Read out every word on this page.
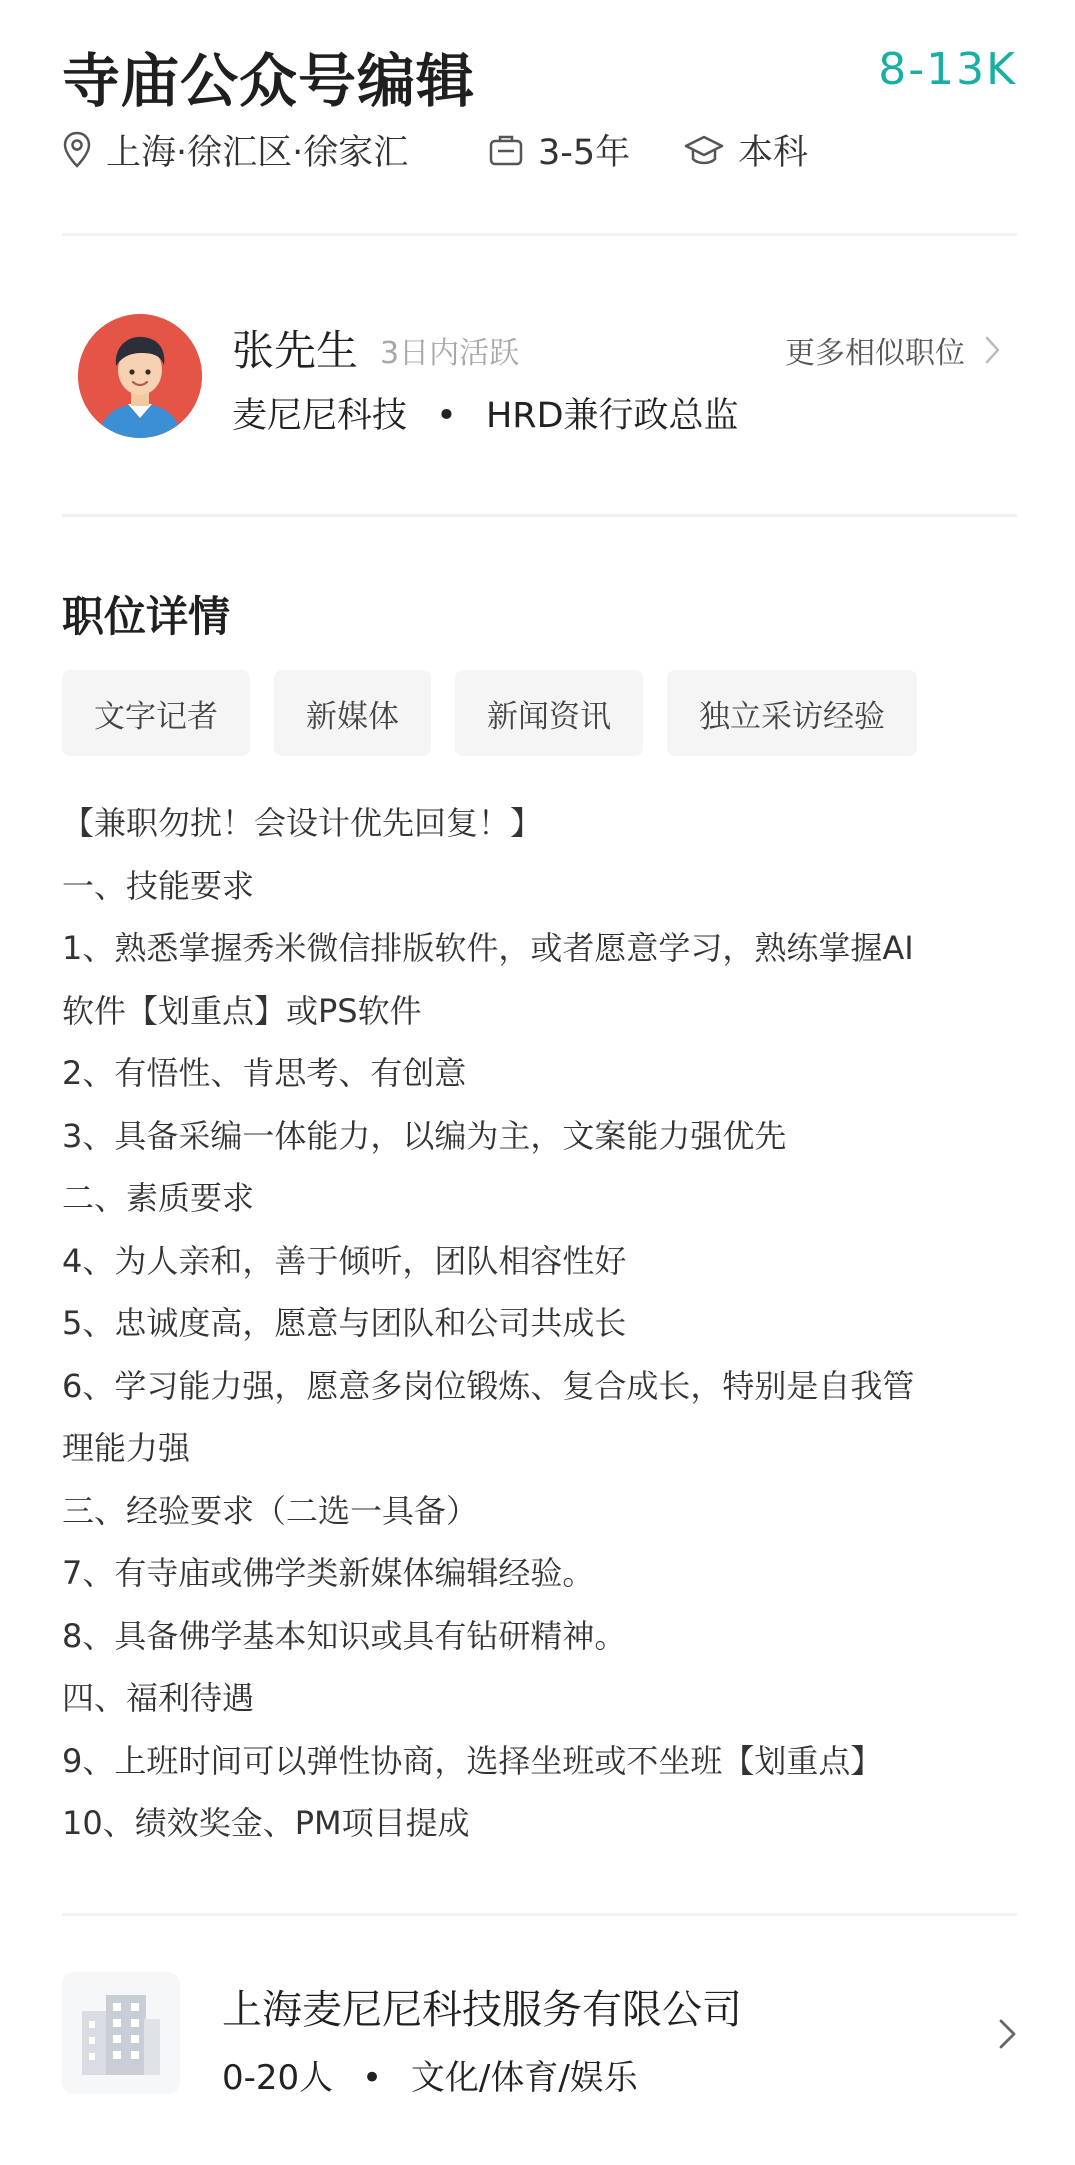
寺庙公众号编辑	8-13K
上海·徐汇区·徐家汇	3-5年	本科
张先生 3日内活跃	更多相似职位
麦尼尼科技 • HRD兼行政总监
职位详情
文字记者	新媒体	新闻资讯	独立采访经验

【兼职勿扰！会设计优先回复！】

一、技能要求

1、熟悉掌握秀米微信排版软件，或者愿意学习，熟练掌握AI

软件【划重点】或PS软件

2、有悟性、肯思考、有创意

3、具备采编一体能力，以编为主，文案能力强优先

二、素质要求

4、为人亲和，善于倾听，团队相容性好

5、忠诚度高，愿意与团队和公司共成长

6、学习能力强，愿意多岗位锻炼、复合成长，特别是自我管

理能力强

三、经验要求（二选一具备）

7、有寺庙或佛学类新媒体编辑经验。

8、具备佛学基本知识或具有钻研精神。

四、福利待遇

9、上班时间可以弹性协商，选择坐班或不坐班【划重点】

10、绩效奖金、PM项目提成

上海麦尼尼科技服务有限公司
0-20人 • 文化/体育/娱乐
